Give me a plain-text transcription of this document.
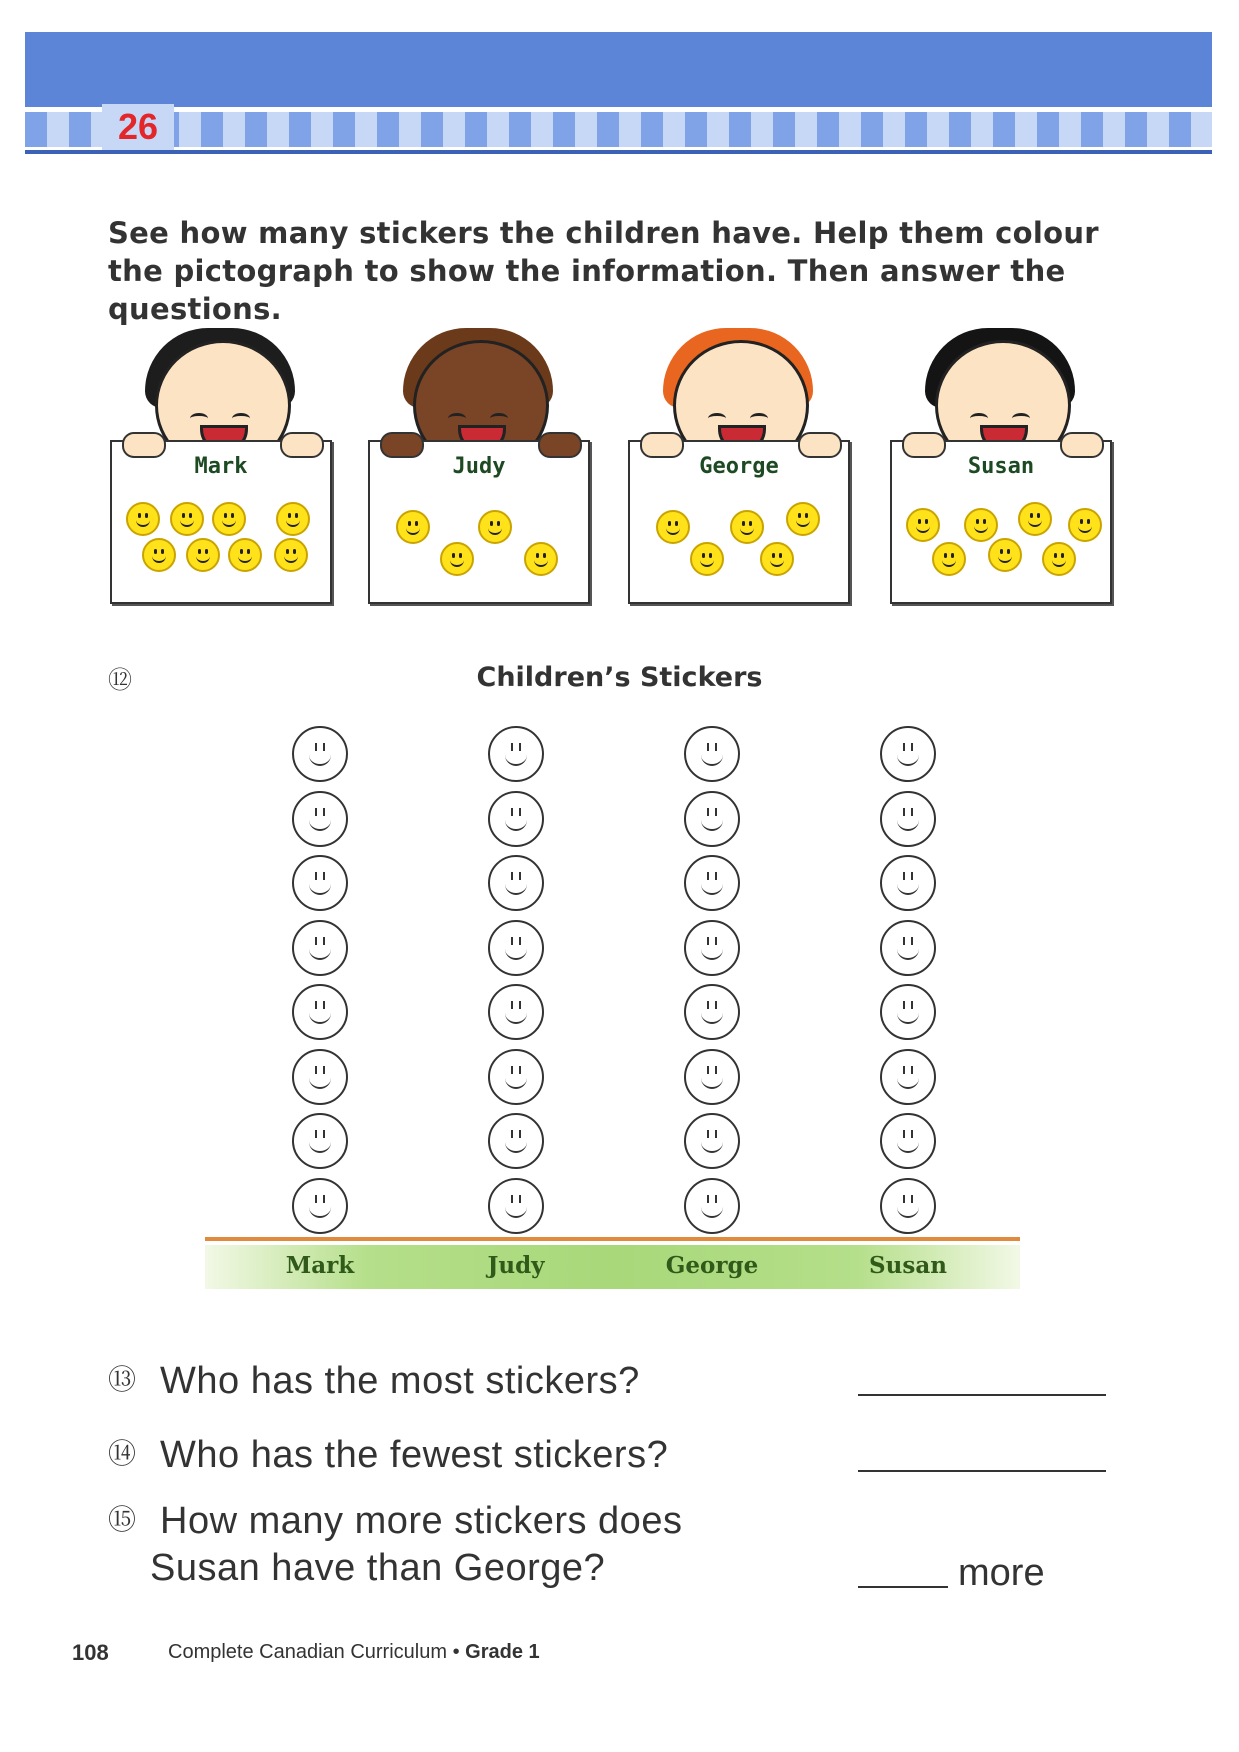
26
See how many stickers the children have. Help them colour the pictograph to show the information. Then answer the questions.
Mark	Judy	George	Susan
⑫	Children’s Stickers
Mark	Judy	George	Susan
⑬ Who has the most stickers?
⑭ Who has the fewest stickers?
⑮ How many more stickers does
Susan have than George?	more
108	Complete Canadian Curriculum • Grade 1
